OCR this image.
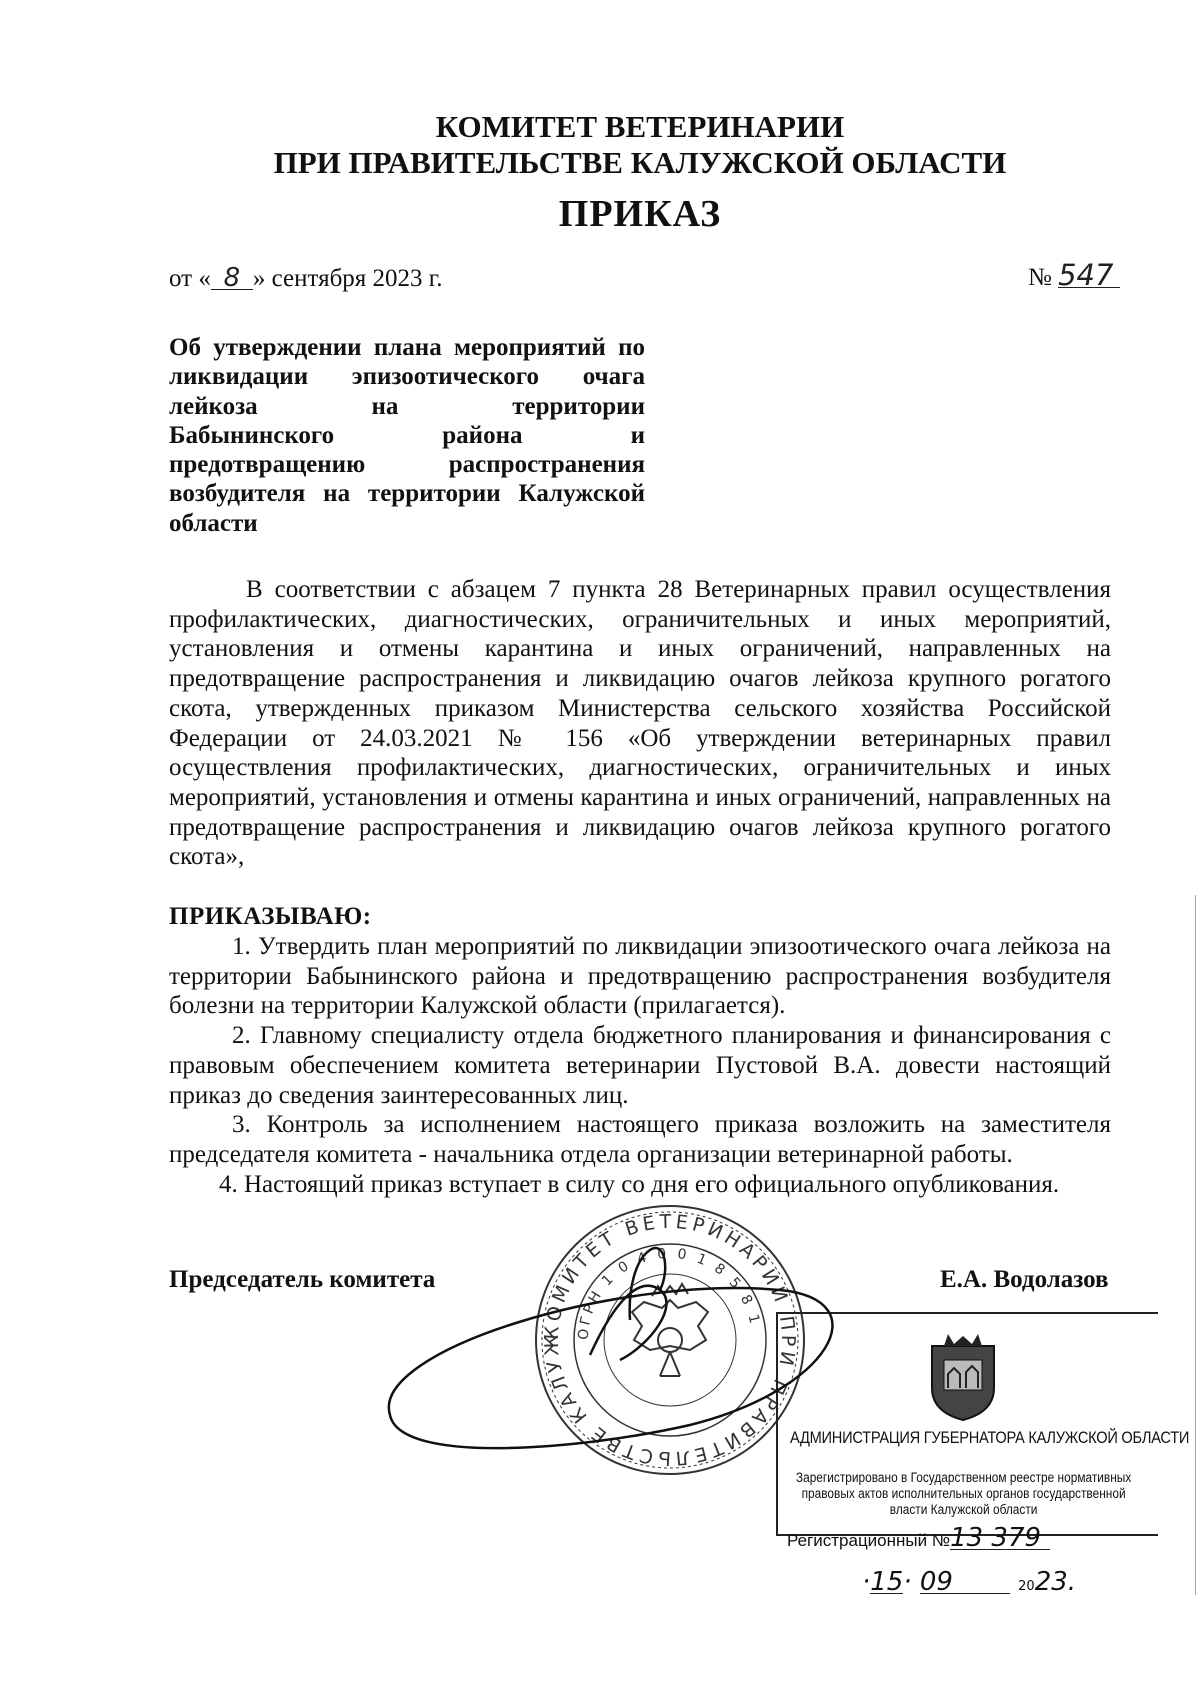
КОМИТЕТ ВЕТЕРИНАРИИ
ПРИ ПРАВИТЕЛЬСТВЕ КАЛУЖСКОЙ ОБЛАСТИ
ПРИКАЗ
от « 8 » сентября 2023 г.	№ 547
Об утверждении плана мероприятий по
ликвидации эпизоотического очага
лейкоза на территории
Бабынинского района и
предотвращению распространения
возбудителя на территории Калужской
области
В соответствии с абзацем 7 пункта 28 Ветеринарных правил осуществления профилактических, диагностических, ограничительных и иных мероприятий, установления и отмены карантина и иных ограничений, направленных на предотвращение распространения и ликвидацию очагов лейкоза крупного рогатого скота, утвержденных приказом Министерства сельского хозяйства Российской Федерации от 24.03.2021 № 156 «Об утверждении ветеринарных правил осуществления профилактических, диагностических, ограничительных и иных мероприятий, установления и отмены карантина и иных ограничений, направленных на предотвращение распространения и ликвидацию очагов лейкоза крупного рогатого скота»,
ПРИКАЗЫВАЮ:
1. Утвердить план мероприятий по ликвидации эпизоотического очага лейкоза на территории Бабынинского района и предотвращению распространения возбудителя болезни на территории Калужской области (прилагается).
2. Главному специалисту отдела бюджетного планирования и финансирования с правовым обеспечением комитета ветеринарии Пустовой В.А. довести настоящий приказ до сведения заинтересованных лиц.
3. Контроль за исполнением настоящего приказа возложить на заместителя председателя комитета - начальника отдела организации ветеринарной работы.
4. Настоящий приказ вступает в силу со дня его официального опубликования.
Председатель комитета	Е.А. Водолазов
КОМИТЕТ ВЕТЕРИНАРИИ ПРИ ПРАВИТЕЛЬСТВЕ КАЛУЖ ОГРН 1 0 4 0 0 1 8 5 8 1
АДМИНИСТРАЦИЯ ГУБЕРНАТОРА КАЛУЖСКОЙ ОБЛАСТИ
Зарегистрировано в Государственном реестре нормативных правовых актов исполнительных органов государственной власти Калужской области
Регистрационный №13 379
·15· 09	2023.
